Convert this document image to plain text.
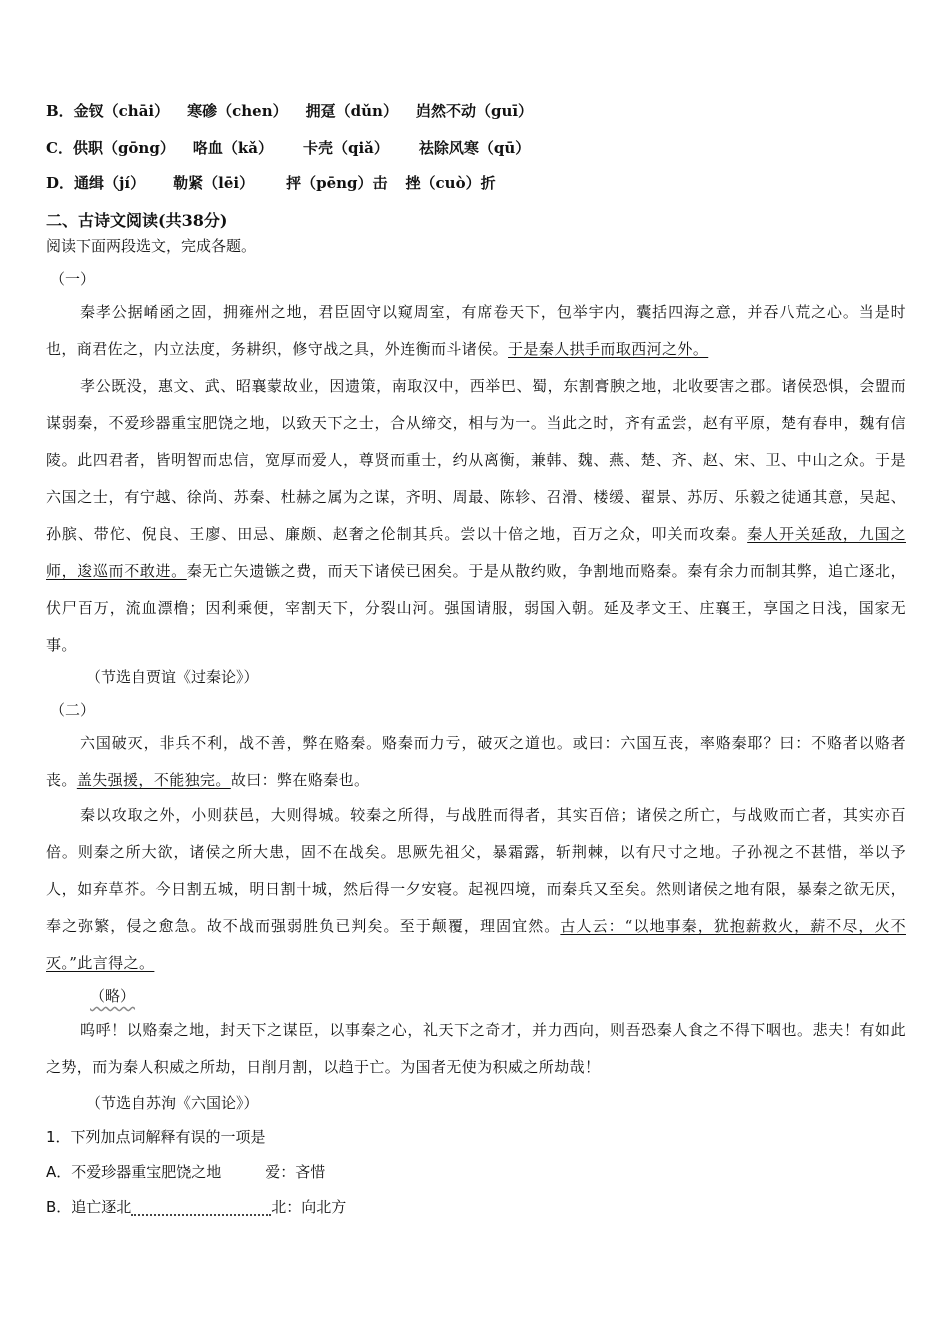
B．金钗（chāi） 寒碜（chen） 拥趸（dǔn） 岿然不动（guī）
C．供职（gōng） 咯血（kǎ） 卡壳（qiǎ） 祛除风寒（qū）
D．通缉（jí） 勒紧（lēi） 抨（pēng）击 挫（cuò）折
二、古诗文阅读(共38分)
阅读下面两段选文，完成各题。
（一）
秦孝公据崤函之固，拥雍州之地，君臣固守以窥周室，有席卷天下，包举宇内，囊括四海之意，并吞八荒之心。当是时也，商君佐之，内立法度，务耕织，修守战之具，外连衡而斗诸侯。于是秦人拱手而取西河之外。
孝公既没，惠文、武、昭襄蒙故业，因遗策，南取汉中，西举巴、蜀，东割膏腴之地，北收要害之郡。诸侯恐惧，会盟而谋弱秦，不爱珍器重宝肥饶之地，以致天下之士，合从缔交，相与为一。当此之时，齐有孟尝，赵有平原，楚有春申，魏有信陵。此四君者，皆明智而忠信，宽厚而爱人，尊贤而重士，约从离衡，兼韩、魏、燕、楚、齐、赵、宋、卫、中山之众。于是六国之士，有宁越、徐尚、苏秦、杜赫之属为之谋，齐明、周最、陈轸、召滑、楼缓、翟景、苏厉、乐毅之徒通其意，吴起、孙膑、带佗、倪良、王廖、田忌、廉颇、赵奢之伦制其兵。尝以十倍之地，百万之众，叩关而攻秦。秦人开关延敌，九国之师，逡巡而不敢进。秦无亡矢遗镞之费，而天下诸侯已困矣。于是从散约败，争割地而赂秦。秦有余力而制其弊，追亡逐北，伏尸百万，流血漂橹；因利乘便，宰割天下，分裂山河。强国请服，弱国入朝。延及孝文王、庄襄王，享国之日浅，国家无事。
（节选自贾谊《过秦论》）
（二）
六国破灭，非兵不利，战不善，弊在赂秦。赂秦而力亏，破灭之道也。或曰：六国互丧，率赂秦耶？曰：不赂者以赂者丧。盖失强援，不能独完。故曰：弊在赂秦也。
秦以攻取之外，小则获邑，大则得城。较秦之所得，与战胜而得者，其实百倍；诸侯之所亡，与战败而亡者，其实亦百倍。则秦之所大欲，诸侯之所大患，固不在战矣。思厥先祖父，暴霜露，斩荆棘，以有尺寸之地。子孙视之不甚惜，举以予人，如弃草芥。今日割五城，明日割十城，然后得一夕安寝。起视四境，而秦兵又至矣。然则诸侯之地有限，暴秦之欲无厌，奉之弥繁，侵之愈急。故不战而强弱胜负已判矣。至于颠覆，理固宜然。古人云：“以地事秦，犹抱薪救火，薪不尽，火不灭。”此言得之。
（略）
呜呼！以赂秦之地，封天下之谋臣，以事秦之心，礼天下之奇才，并力西向，则吾恐秦人食之不得下咽也。悲夫！有如此之势，而为秦人积威之所劫，日削月割，以趋于亡。为国者无使为积威之所劫哉！
（节选自苏洵《六国论》）
1．下列加点词解释有误的一项是
A．不爱珍器重宝肥饶之地	爱：吝惜
B．追亡逐北	北：向北方
